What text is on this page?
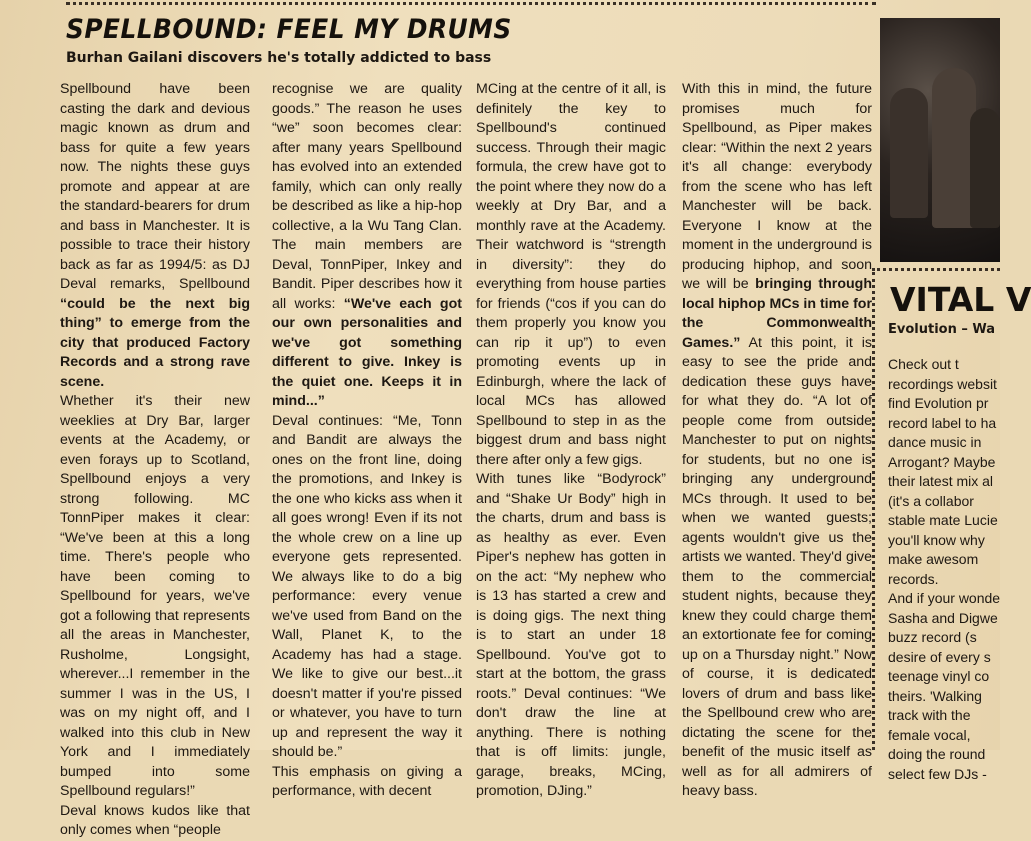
SPELLBOUND: FEEL MY DRUMS
Burhan Gailani discovers he's totally addicted to bass

Spellbound have been casting the dark and devious magic known as drum and bass for quite a few years now. The nights these guys promote and appear at are the standard-bearers for drum and bass in Manchester. It is possible to trace their history back as far as 1994/5: as DJ Deval remarks, Spellbound “could be the next big thing” to emerge from the city that produced Factory Records and a strong rave scene.

Whether it's their new weeklies at Dry Bar, larger events at the Academy, or even forays up to Scotland, Spellbound enjoys a very strong following. MC TonnPiper makes it clear: “We've been at this a long time. There's people who have been coming to Spellbound for years, we've got a following that represents all the areas in Manchester, Rusholme, Longsight, wherever...I remember in the summer I was in the US, I was on my night off, and I walked into this club in New York and I immediately bumped into some Spellbound regulars!”

Deval knows kudos like that only comes when “people

recognise we are quality goods.” The reason he uses “we” soon becomes clear: after many years Spellbound has evolved into an extended family, which can only really be described as like a hip-hop collective, a la Wu Tang Clan. The main members are Deval, TonnPiper, Inkey and Bandit. Piper describes how it all works: “We've each got our own personalities and we've got something different to give. Inkey is the quiet one. Keeps it in mind...”

Deval continues: “Me, Tonn and Bandit are always the ones on the front line, doing the promotions, and Inkey is the one who kicks ass when it all goes wrong! Even if its not the whole crew on a line up everyone gets represented. We always like to do a big performance: every venue we've used from Band on the Wall, Planet K, to the Academy has had a stage. We like to give our best...it doesn't matter if you're pissed or whatever, you have to turn up and represent the way it should be.”

This emphasis on giving a performance, with decent

MCing at the centre of it all, is definitely the key to Spellbound's continued success. Through their magic formula, the crew have got to the point where they now do a weekly at Dry Bar, and a monthly rave at the Academy. Their watchword is “strength in diversity”: they do everything from house parties for friends (“cos if you can do them properly you know you can rip it up”) to even promoting events up in Edinburgh, where the lack of local MCs has allowed Spellbound to step in as the biggest drum and bass night there after only a few gigs.

With tunes like “Bodyrock” and “Shake Ur Body” high in the charts, drum and bass is as healthy as ever. Even Piper's nephew has gotten in on the act: “My nephew who is 13 has started a crew and is doing gigs. The next thing is to start an under 18 Spellbound. You've got to start at the bottom, the grass roots.” Deval continues: “We don't draw the line at anything. There is nothing that is off limits: jungle, garage, breaks, MCing, promotion, DJing.”

With this in mind, the future promises much for Spellbound, as Piper makes clear: “Within the next 2 years it's all change: everybody from the scene who has left Manchester will be back. Everyone I know at the moment in the underground is producing hiphop, and soon we will be bringing through local hiphop MCs in time for the Commonwealth Games.” At this point, it is easy to see the pride and dedication these guys have for what they do. “A lot of people come from outside Manchester to put on nights for students, but no one is bringing any underground MCs through. It used to be when we wanted guests; agents wouldn't give us the artists we wanted. They'd give them to the commercial student nights, because they knew they could charge them an extortionate fee for coming up on a Thursday night.” Now of course, it is dedicated lovers of drum and bass like the Spellbound crew who are dictating the scene for the benefit of the music itself as well as for all admirers of heavy bass.

VITAL V
Evolution – Wa
Check out t
recordings websit
find Evolution pr
record label to ha
dance music in
Arrogant? Maybe
their latest mix al
(it's a collabor
stable mate Lucie
you'll know why
make awesom
records.
And if your wonde
Sasha and Digwe
buzz record (s
desire of every s
teenage vinyl co
theirs. 'Walking
track with the
female vocal,
doing the round
select few DJs -
